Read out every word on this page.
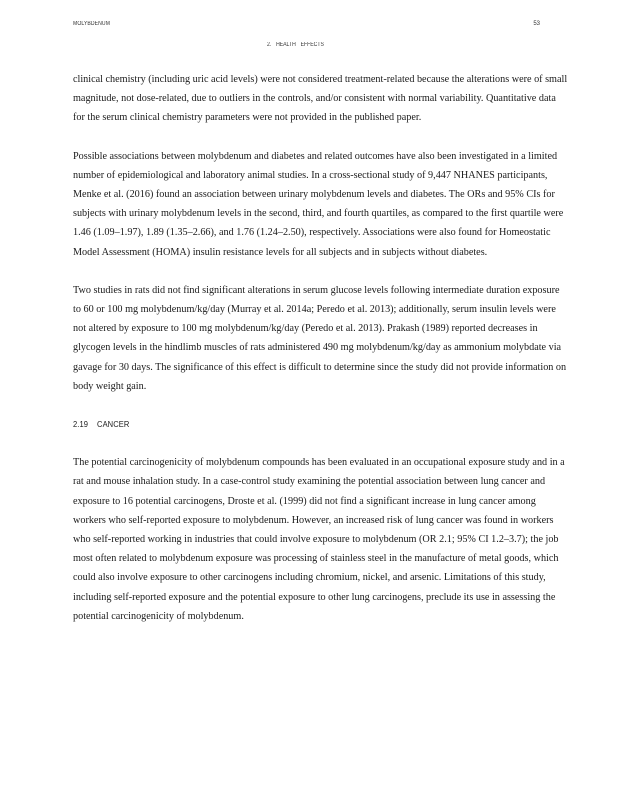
MOLYBDENUM	53
2. HEALTH EFFECTS

clinical chemistry (including uric acid levels) were not considered treatment-related because the alterations were of small magnitude, not dose-related, due to outliers in the controls, and/or consistent with normal variability. Quantitative data for the serum clinical chemistry parameters were not provided in the published paper.

Possible associations between molybdenum and diabetes and related outcomes have also been investigated in a limited number of epidemiological and laboratory animal studies. In a cross-sectional study of 9,447 NHANES participants, Menke et al. (2016) found an association between urinary molybdenum levels and diabetes. The ORs and 95% CIs for subjects with urinary molybdenum levels in the second, third, and fourth quartiles, as compared to the first quartile were 1.46 (1.09–1.97), 1.89 (1.35–2.66), and 1.76 (1.24–2.50), respectively. Associations were also found for Homeostatic Model Assessment (HOMA) insulin resistance levels for all subjects and in subjects without diabetes.

Two studies in rats did not find significant alterations in serum glucose levels following intermediate duration exposure to 60 or 100 mg molybdenum/kg/day (Murray et al. 2014a; Peredo et al. 2013); additionally, serum insulin levels were not altered by exposure to 100 mg molybdenum/kg/day (Peredo et al. 2013). Prakash (1989) reported decreases in glycogen levels in the hindlimb muscles of rats administered 490 mg molybdenum/kg/day as ammonium molybdate via gavage for 30 days. The significance of this effect is difficult to determine since the study did not provide information on body weight gain.

2.19 CANCER

The potential carcinogenicity of molybdenum compounds has been evaluated in an occupational exposure study and in a rat and mouse inhalation study. In a case-control study examining the potential association between lung cancer and exposure to 16 potential carcinogens, Droste et al. (1999) did not find a significant increase in lung cancer among workers who self-reported exposure to molybdenum. However, an increased risk of lung cancer was found in workers who self-reported working in industries that could involve exposure to molybdenum (OR 2.1; 95% CI 1.2–3.7); the job most often related to molybdenum exposure was processing of stainless steel in the manufacture of metal goods, which could also involve exposure to other carcinogens including chromium, nickel, and arsenic. Limitations of this study, including self-reported exposure and the potential exposure to other lung carcinogens, preclude its use in assessing the potential carcinogenicity of molybdenum.
